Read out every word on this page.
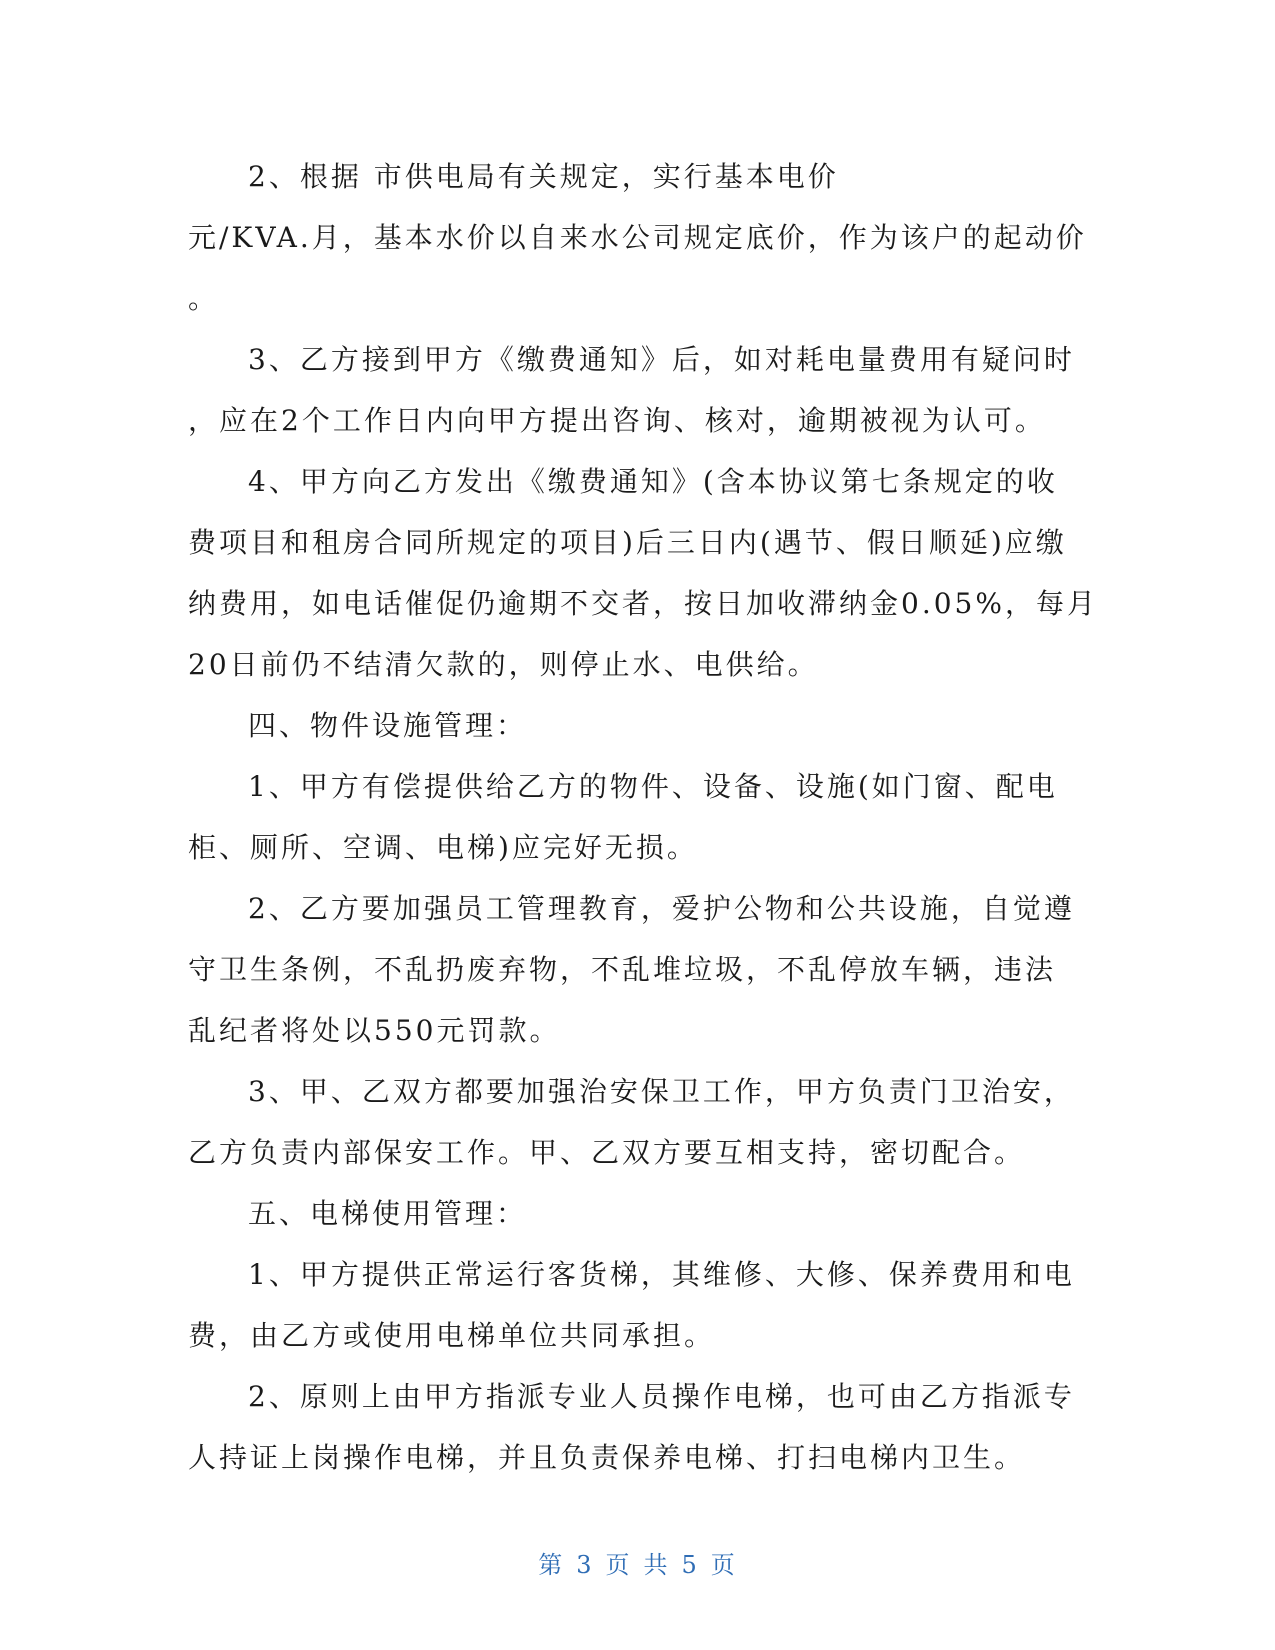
2、根据 市供电局有关规定，实行基本电价
元/KVA.月，基本水价以自来水公司规定底价，作为该户的起动价
。
3、乙方接到甲方《缴费通知》后，如对耗电量费用有疑问时
，应在2个工作日内向甲方提出咨询、核对，逾期被视为认可。
4、甲方向乙方发出《缴费通知》(含本协议第七条规定的收
费项目和租房合同所规定的项目)后三日内(遇节、假日顺延)应缴
纳费用，如电话催促仍逾期不交者，按日加收滞纳金0.05%，每月
20日前仍不结清欠款的，则停止水、电供给。
四、物件设施管理：
1、甲方有偿提供给乙方的物件、设备、设施(如门窗、配电
柜、厕所、空调、电梯)应完好无损。
2、乙方要加强员工管理教育，爱护公物和公共设施，自觉遵
守卫生条例，不乱扔废弃物，不乱堆垃圾，不乱停放车辆，违法
乱纪者将处以550元罚款。
3、甲、乙双方都要加强治安保卫工作，甲方负责门卫治安，
乙方负责内部保安工作。甲、乙双方要互相支持，密切配合。
五、电梯使用管理：
1、甲方提供正常运行客货梯，其维修、大修、保养费用和电
费，由乙方或使用电梯单位共同承担。
2、原则上由甲方指派专业人员操作电梯，也可由乙方指派专
人持证上岗操作电梯，并且负责保养电梯、打扫电梯内卫生。
第 3 页 共 5 页
